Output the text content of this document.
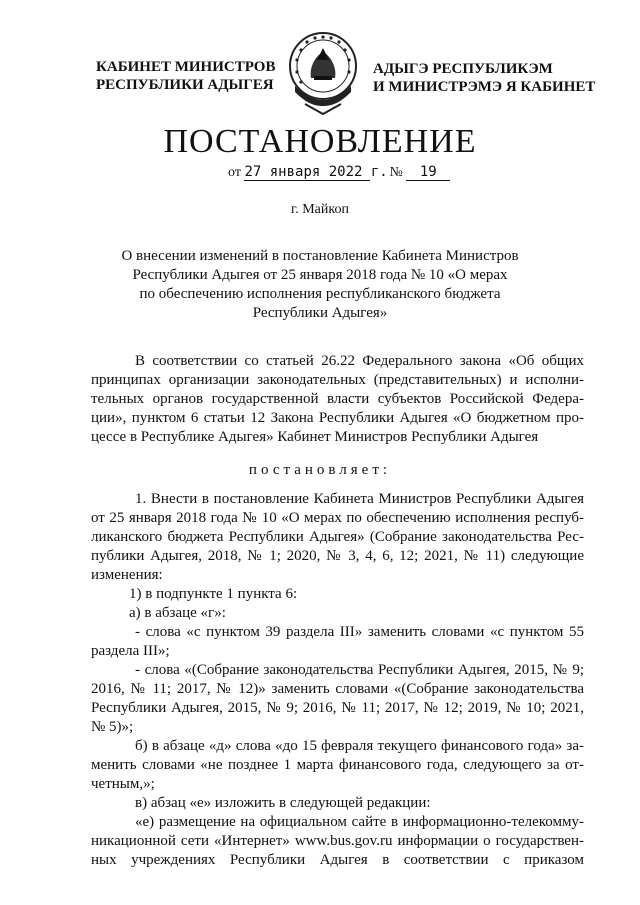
КАБИНЕТ МИНИСТРОВ
РЕСПУБЛИКИ АДЫГЕЯ
АДЫГЭ РЕСПУБЛИКЭМ
И МИНИСТРЭМЭ Я КАБИНЕТ
ПОСТАНОВЛЕНИЕ
от 27 января 2022 г. № 19
г. Майкоп
О внесении изменений в постановление Кабинета Министров
Республики Адыгея от 25 января 2018 года № 10 «О мерах
по обеспечению исполнения республиканского бюджета
Республики Адыгея»
В соответствии со статьей 26.22 Федерального закона «Об общих
принципах организации законодательных (представительных) и исполни-
тельных органов государственной власти субъектов Российской Федера-
ции», пунктом 6 статьи 12 Закона Республики Адыгея «О бюджетном про-
цессе в Республике Адыгея» Кабинет Министров Республики Адыгея
постановляет:
1. Внести в постановление Кабинета Министров Республики Адыгея
от 25 января 2018 года № 10 «О мерах по обеспечению исполнения респуб-
ликанского бюджета Республики Адыгея» (Собрание законодательства Рес-
публики Адыгея, 2018, № 1; 2020, № 3, 4, 6, 12; 2021, № 11) следующие
изменения:
1) в подпункте 1 пункта 6:
а) в абзаце «г»:
- слова «с пунктом 39 раздела III» заменить словами «с пунктом 55
раздела III»;
- слова «(Собрание законодательства Республики Адыгея, 2015, № 9;
2016, № 11; 2017, № 12)» заменить словами «(Собрание законодательства
Республики Адыгея, 2015, № 9; 2016, № 11; 2017, № 12; 2019, № 10; 2021,
№ 5)»;
б) в абзаце «д» слова «до 15 февраля текущего финансового года» за-
менить словами «не позднее 1 марта финансового года, следующего за от-
четным,»;
в) абзац «е» изложить в следующей редакции:
«е) размещение на официальном сайте в информационно-телекомму-
никационной сети «Интернет» www.bus.gov.ru информации о государствен-
ных учреждениях Республики Адыгея в соответствии с приказом
